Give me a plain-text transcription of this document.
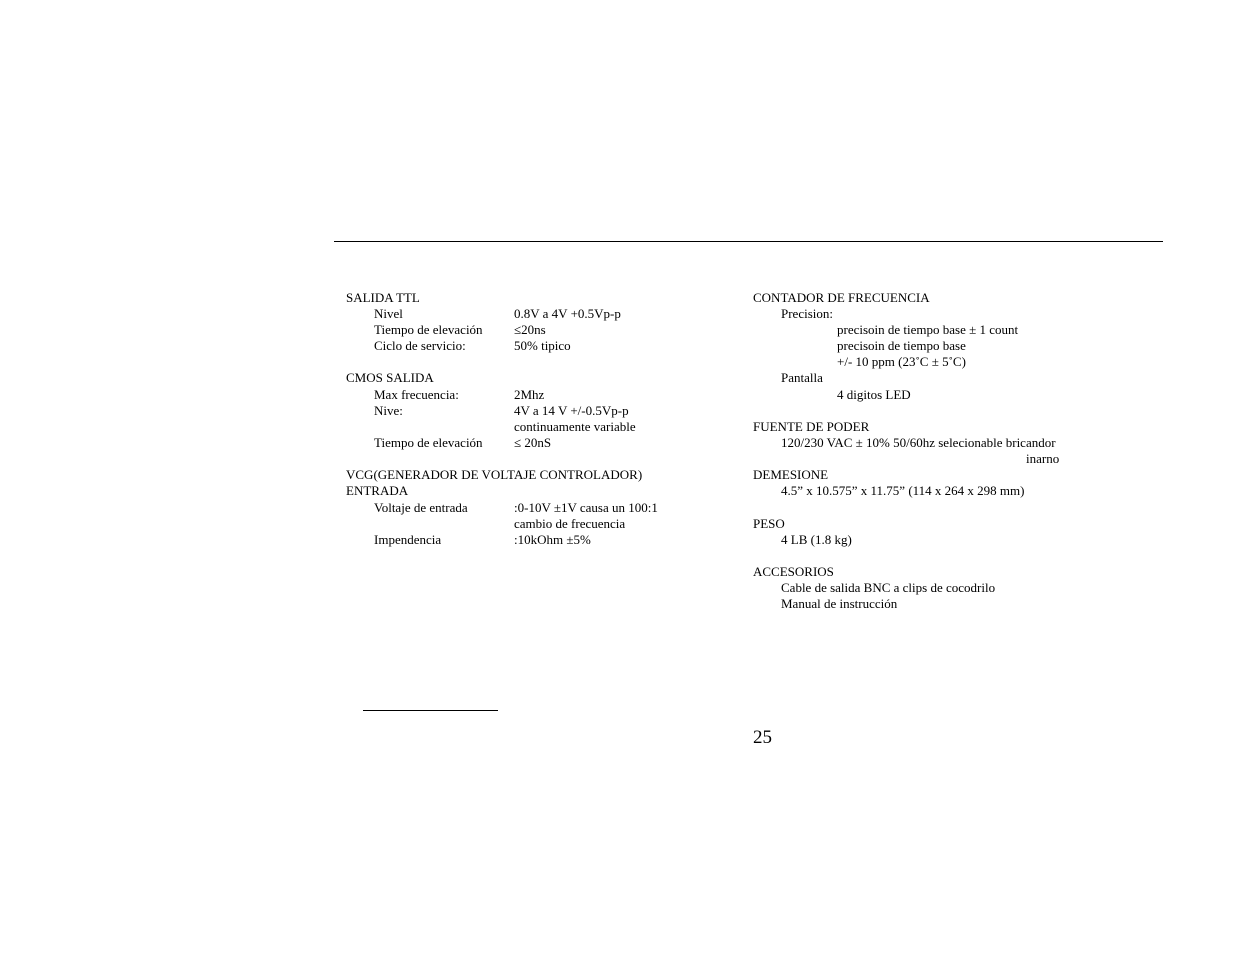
SALIDA TTL
Nivel	0.8V a 4V +0.5Vp-p
Tiempo de elevación ≤20ns
Ciclo de servicio:	50% tipico
CMOS SALIDA
Max frecuencia:	2Mhz
Nive:	4V a 14 V +/-0.5Vp-p
continuamente variable
Tiempo de elevación ≤ 20nS
VCG(GENERADOR DE VOLTAJE CONTROLADOR)
ENTRADA
Voltaje de entrada	:0-10V ±1V causa un 100:1
cambio de frecuencia
Impendencia	:10kOhm ±5%
CONTADOR DE FRECUENCIA
Precision:
precisoin de tiempo base ± 1 count
precisoin de tiempo base
+/- 10 ppm (23˚C ± 5˚C)
Pantalla
4 digitos LED
FUENTE DE PODER
120/230 VAC ± 10% 50/60hz selecionable bricandor
inarno
DEMESIONE
4.5” x 10.575” x 11.75” (114 x 264 x 298 mm)
PESO
4 LB (1.8 kg)
ACCESORIOS
Cable de salida BNC a clips de cocodrilo
Manual de instrucción
25
